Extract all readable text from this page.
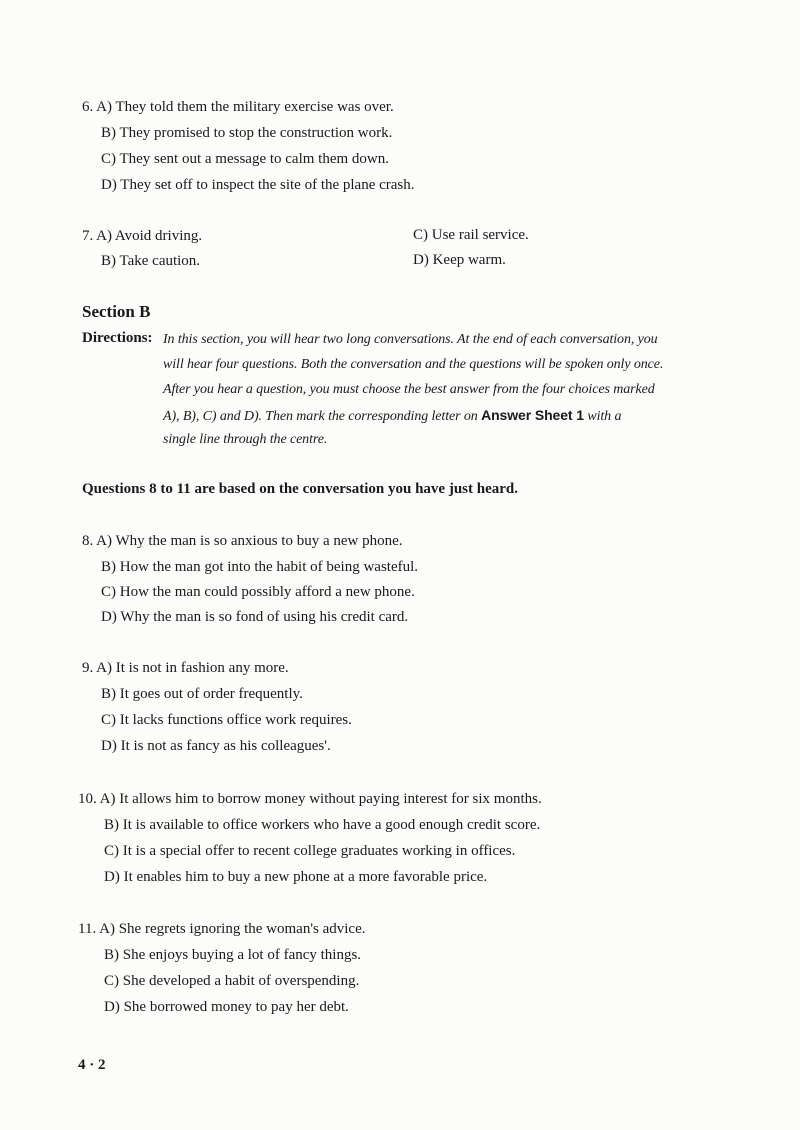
6. A) They told them the military exercise was over.
B) They promised to stop the construction work.
C) They sent out a message to calm them down.
D) They set off to inspect the site of the plane crash.
7. A) Avoid driving.
B) Take caution.
C) Use rail service.
D) Keep warm.
Section B
Directions: In this section, you will hear two long conversations. At the end of each conversation, you
will hear four questions. Both the conversation and the questions will be spoken only once.
After you hear a question, you must choose the best answer from the four choices marked
A), B), C) and D). Then mark the corresponding letter on Answer Sheet 1 with a
single line through the centre.
Questions 8 to 11 are based on the conversation you have just heard.
8. A) Why the man is so anxious to buy a new phone.
B) How the man got into the habit of being wasteful.
C) How the man could possibly afford a new phone.
D) Why the man is so fond of using his credit card.
9. A) It is not in fashion any more.
B) It goes out of order frequently.
C) It lacks functions office work requires.
D) It is not as fancy as his colleagues'.
10. A) It allows him to borrow money without paying interest for six months.
B) It is available to office workers who have a good enough credit score.
C) It is a special offer to recent college graduates working in offices.
D) It enables him to buy a new phone at a more favorable price.
11. A) She regrets ignoring the woman's advice.
B) She enjoys buying a lot of fancy things.
C) She developed a habit of overspending.
D) She borrowed money to pay her debt.
4 · 2
